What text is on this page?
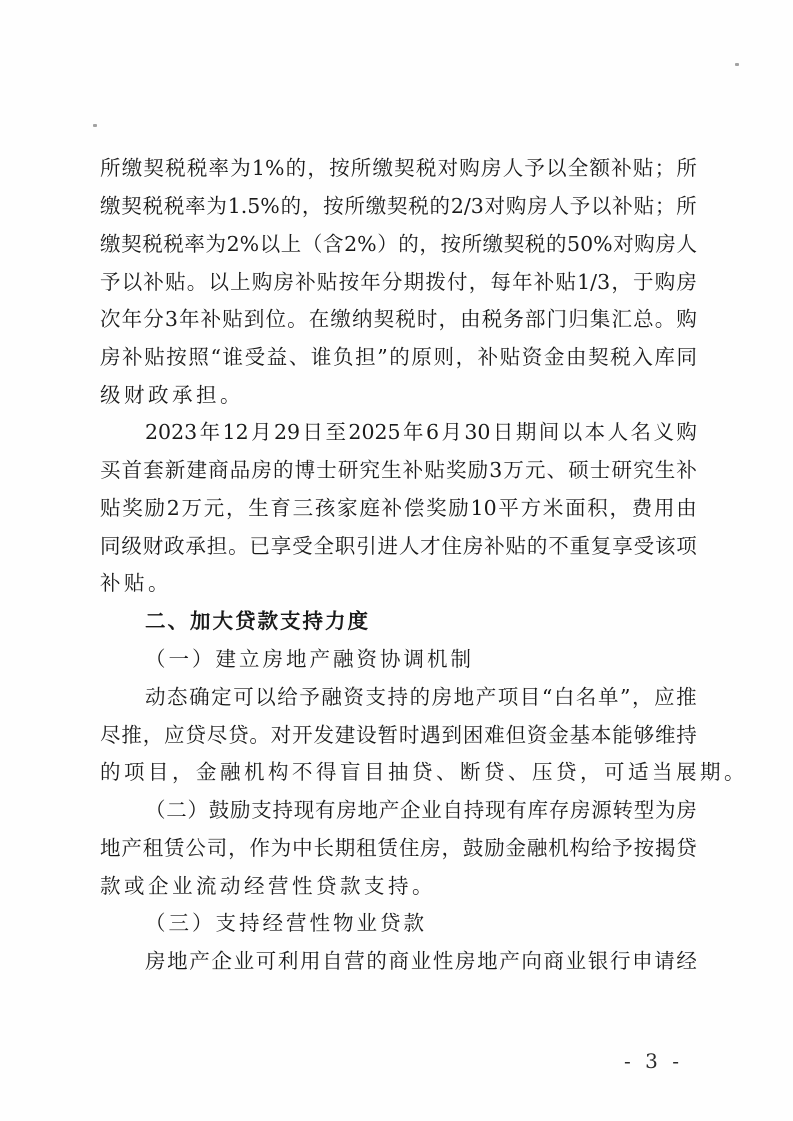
所 缴 契 税 税 率 为 1% 的 ， 按 所 缴 契 税 对 购 房 人 予 以 全 额 补 贴 ； 所
缴 契 税 税 率 为 1.5% 的 ， 按 所 缴 契 税 的 2/3 对 购 房 人 予 以 补 贴 ； 所
缴 契 税 税 率 为 2% 以 上 （ 含 2% ） 的 ， 按 所 缴 契 税 的 50% 对 购 房 人
予 以 补 贴 。 以 上 购 房 补 贴 按 年 分 期 拨 付 ， 每 年 补 贴 1/3 ， 于 购 房
次 年 分 3 年 补 贴 到 位 。 在 缴 纳 契 税 时 ， 由 税 务 部 门 归 集 汇 总 。 购
房 补 贴 按 照 “ 谁 受 益 、 谁 负 担 ” 的 原 则 ， 补 贴 资 金 由 契 税 入 库 同
级财政承担。
2023 年 12 月 29 日 至 2025 年 6 月 30 日 期 间 以 本 人 名 义 购
买 首 套 新 建 商 品 房 的 博 士 研 究 生 补 贴 奖 励 3 万 元 、 硕 士 研 究 生 补
贴 奖 励 2 万 元 ， 生 育 三 孩 家 庭 补 偿 奖 励 10 平 方 米 面 积 ， 费 用 由
同 级 财 政 承 担 。 已 享 受 全 职 引 进 人 才 住 房 补 贴 的 不 重 复 享 受 该 项
补贴。
二、加大贷款支持力度
（一）建立房地产融资协调机制
动 态 确 定 可 以 给 予 融 资 支 持 的 房 地 产 项 目 “ 白 名 单 ” ， 应 推
尽 推 ， 应 贷 尽 贷 。 对 开 发 建 设 暂 时 遇 到 困 难 但 资 金 基 本 能 够 维 持
的项目，金融机构不得盲目抽贷、断贷、压贷，可适当展期。
（ 二 ） 鼓 励 支 持 现 有 房 地 产 企 业 自 持 现 有 库 存 房 源 转 型 为 房
地 产 租 赁 公 司 ， 作 为 中 长 期 租 赁 住 房 ， 鼓 励 金 融 机 构 给 予 按 揭 贷
款或企业流动经营性贷款支持。
（三）支持经营性物业贷款
房 地 产 企 业 可 利 用 自 营 的 商 业 性 房 地 产 向 商 业 银 行 申 请 经
- 3 -
